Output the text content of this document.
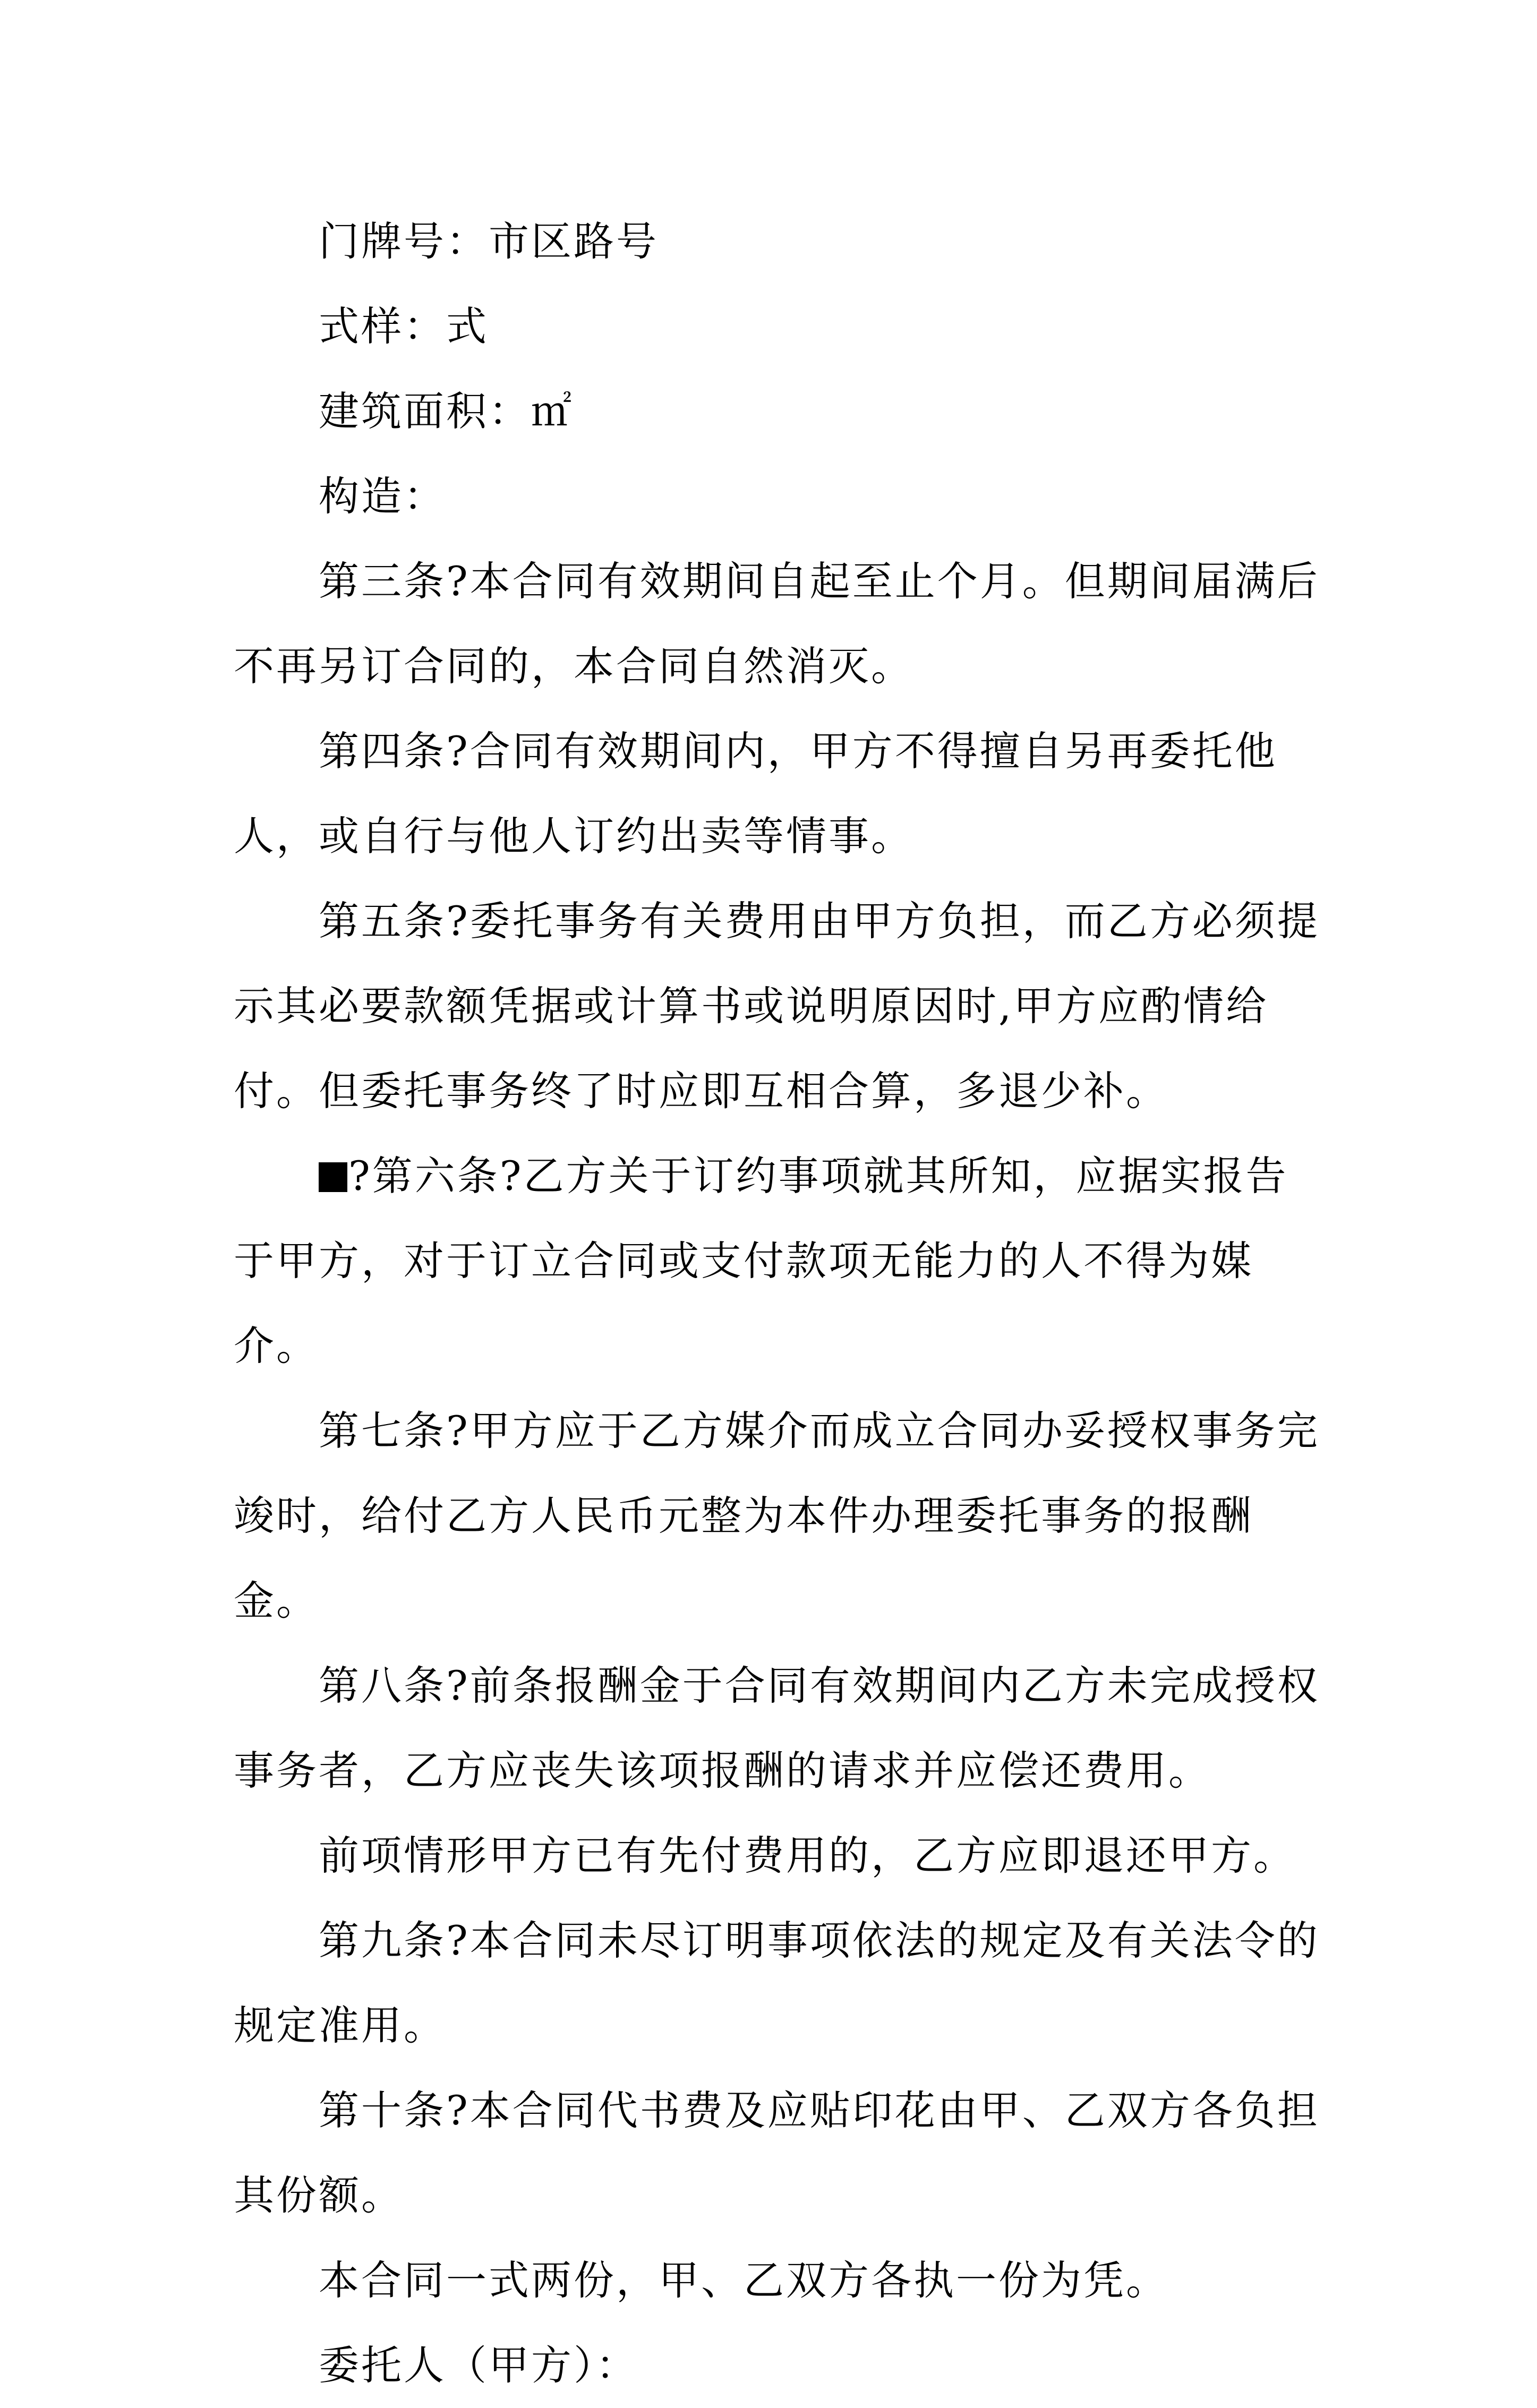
门牌号：市区路号

式样：式

建筑面积：㎡

构造：

第三条?本合同有效期间自起至止个月。但期间届满后不再另订合同的，本合同自然消灭。

第四条?合同有效期间内，甲方不得擅自另再委托他人，或自行与他人订约出卖等情事。

第五条?委托事务有关费用由甲方负担，而乙方必须提示其必要款额凭据或计算书或说明原因时,甲方应酌情给付。但委托事务终了时应即互相合算，多退少补。

?第六条?乙方关于订约事项就其所知，应据实报告于甲方，对于订立合同或支付款项无能力的人不得为媒介。

第七条?甲方应于乙方媒介而成立合同办妥授权事务完竣时，给付乙方人民币元整为本件办理委托事务的报酬金。

第八条?前条报酬金于合同有效期间内乙方未完成授权事务者，乙方应丧失该项报酬的请求并应偿还费用。

前项情形甲方已有先付费用的，乙方应即退还甲方。

第九条?本合同未尽订明事项依法的规定及有关法令的规定准用。

第十条?本合同代书费及应贴印花由甲、乙双方各负担其份额。

本合同一式两份，甲、乙双方各执一份为凭。

委托人（甲方）：
